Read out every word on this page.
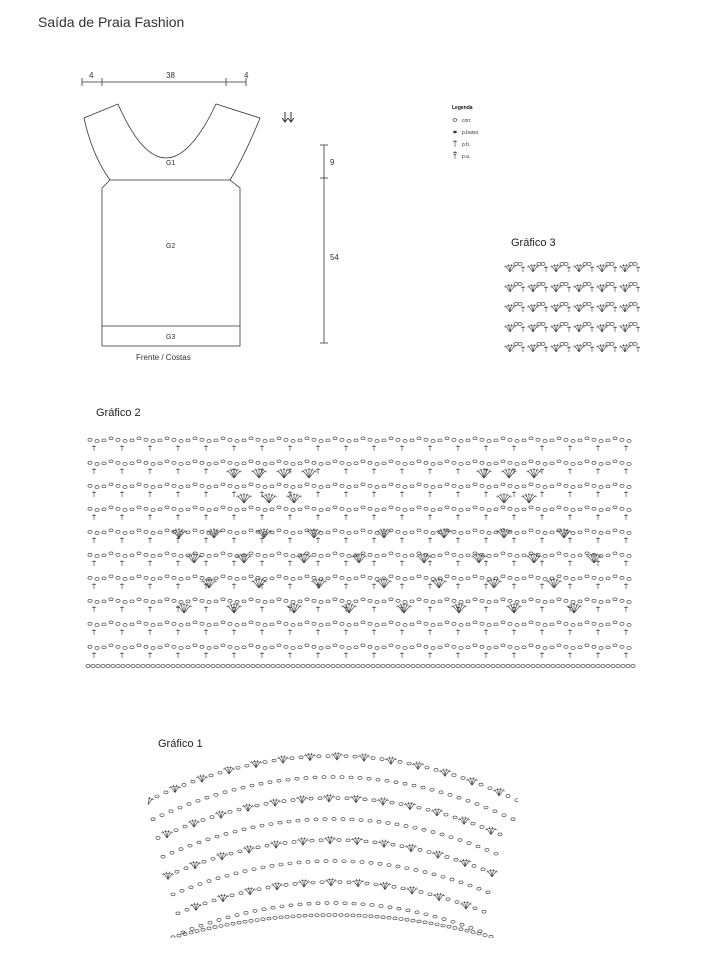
Saída de Praia Fashion
4	38	4
G1
G2
G3
Frente / Costas
9
54
Legenda
corr.
p.baixo.
p.b.
p.a.
Gráfico 3
Gráfico 2
Gráfico 1
